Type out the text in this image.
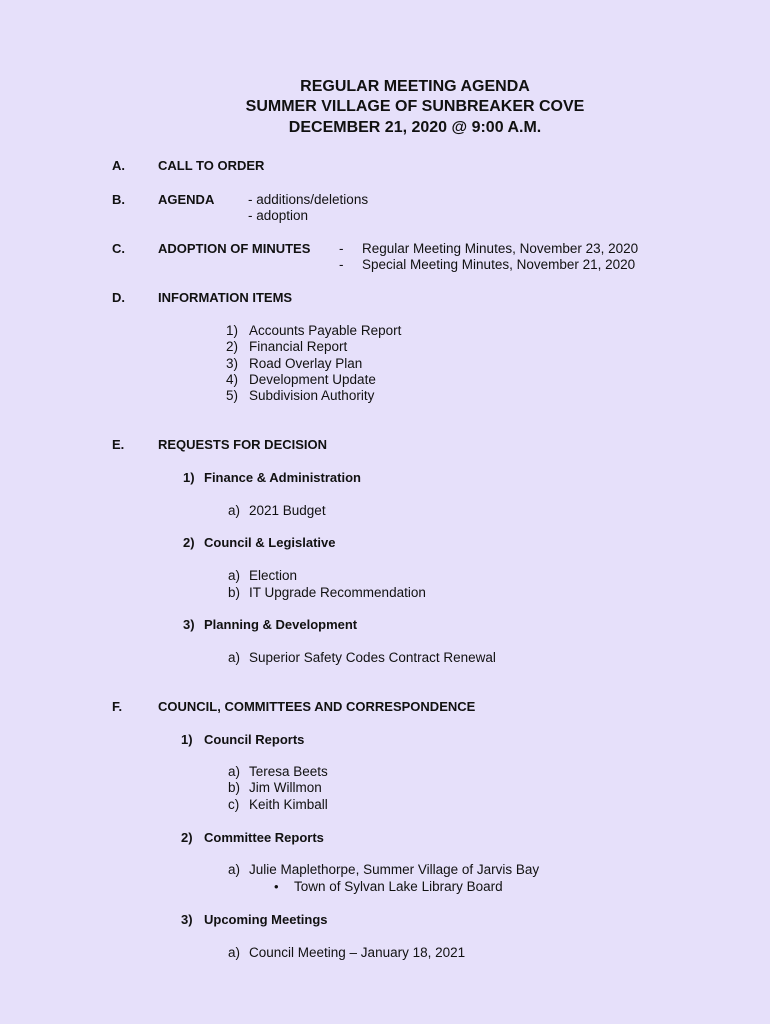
REGULAR MEETING AGENDA
SUMMER VILLAGE OF SUNBREAKER COVE
DECEMBER 21, 2020 @ 9:00 A.M.
A.	CALL TO ORDER
B.	AGENDA - additions/deletions
- adoption
C.	ADOPTION OF MINUTES - Regular Meeting Minutes, November 23, 2020
- Special Meeting Minutes, November 21, 2020
D.	INFORMATION ITEMS
1) Accounts Payable Report
2) Financial Report
3) Road Overlay Plan
4) Development Update
5) Subdivision Authority
E.	REQUESTS FOR DECISION
1) Finance & Administration
a) 2021 Budget
2) Council & Legislative
a) Election
b) IT Upgrade Recommendation
3) Planning & Development
a) Superior Safety Codes Contract Renewal
F.	COUNCIL, COMMITTEES AND CORRESPONDENCE
1) Council Reports
a) Teresa Beets
b) Jim Willmon
c) Keith Kimball
2) Committee Reports
a) Julie Maplethorpe, Summer Village of Jarvis Bay
• Town of Sylvan Lake Library Board
3) Upcoming Meetings
a) Council Meeting – January 18, 2021
